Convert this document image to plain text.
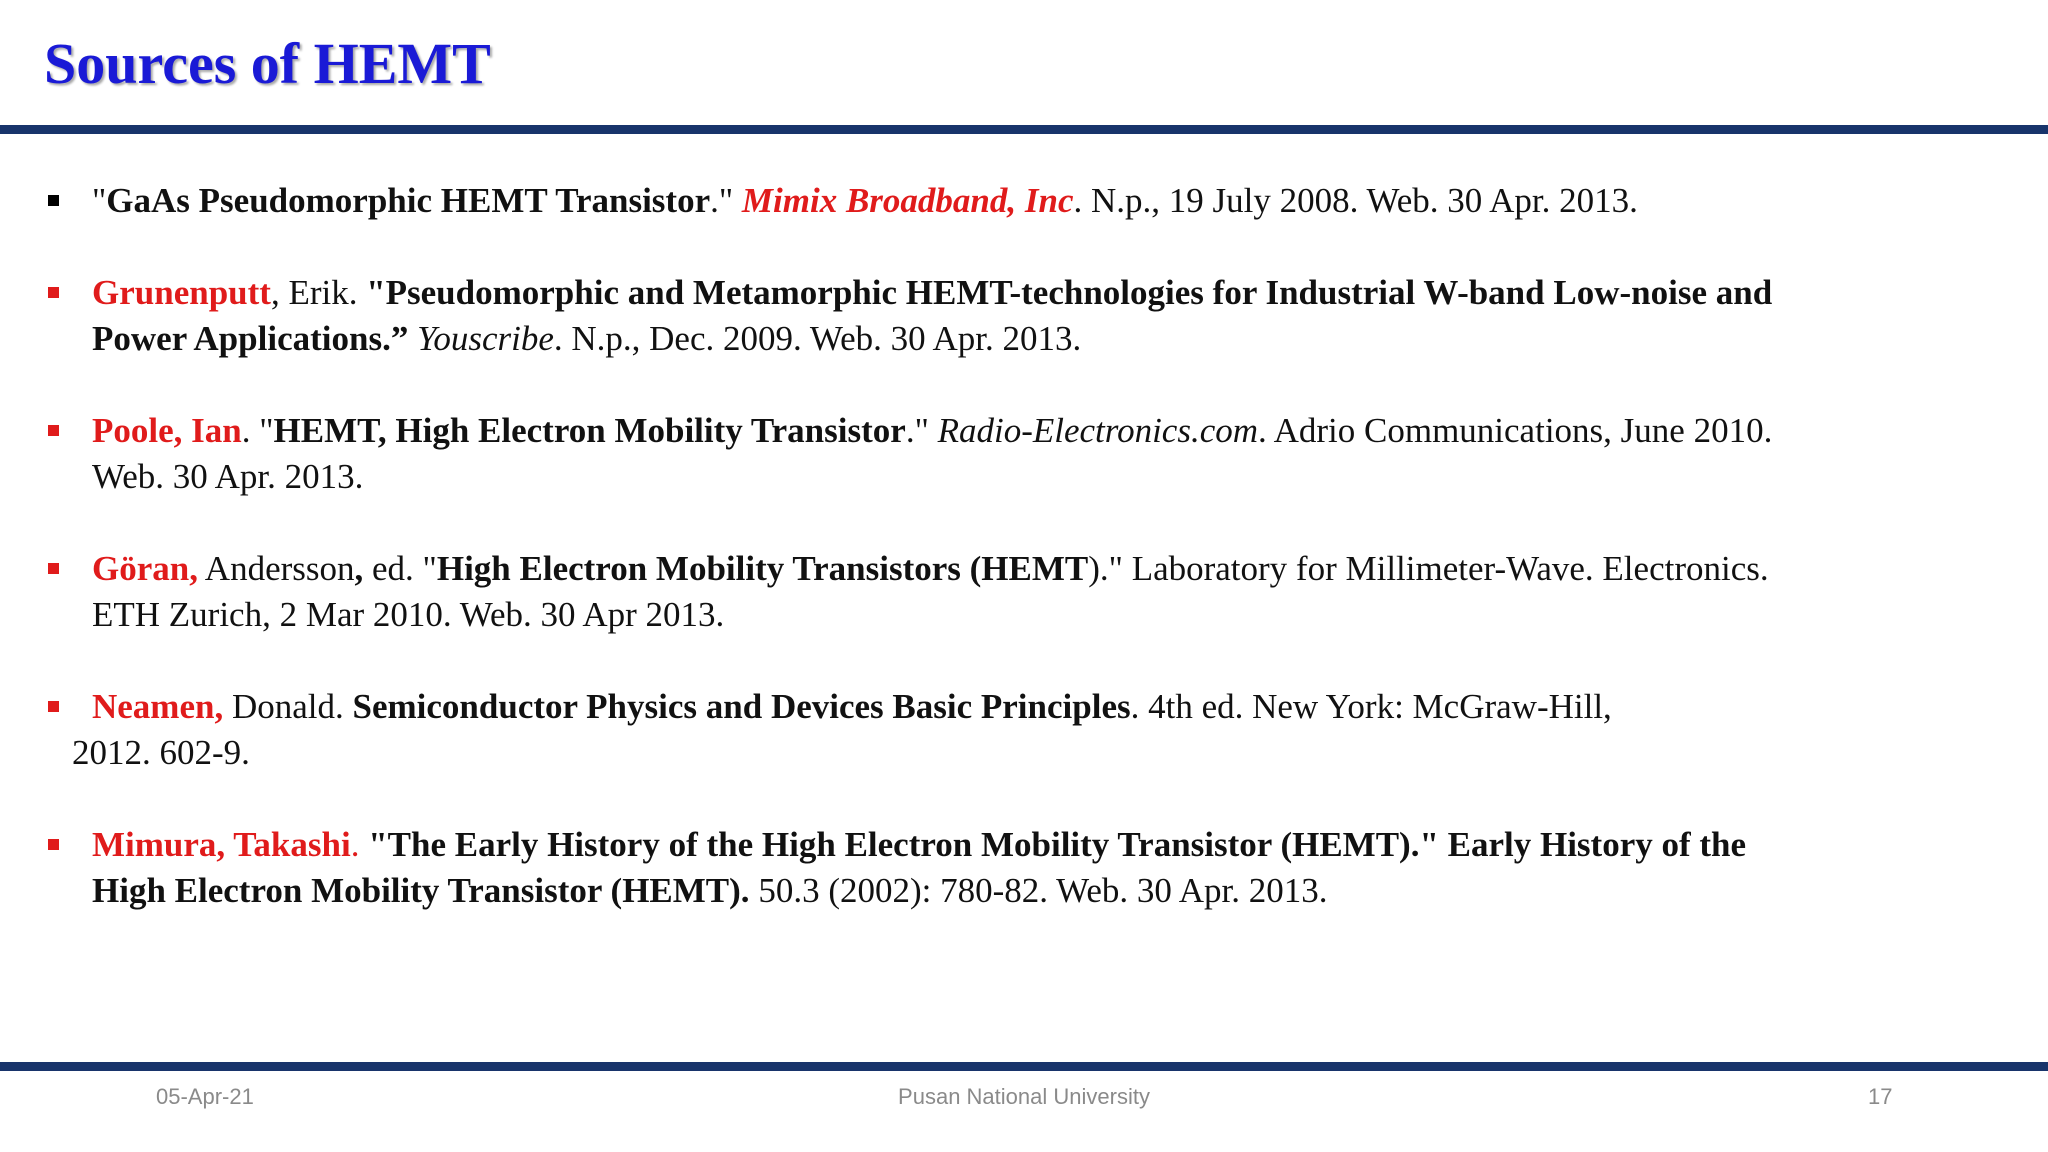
Sources of HEMT
"GaAs Pseudomorphic HEMT Transistor." Mimix Broadband, Inc. N.p., 19 July 2008. Web. 30 Apr. 2013.
Grunenputt, Erik. "Pseudomorphic and Metamorphic HEMT-technologies for Industrial W-band Low-noise and
Power Applications.” Youscribe. N.p., Dec. 2009. Web. 30 Apr. 2013.
Poole, Ian. "HEMT, High Electron Mobility Transistor." Radio-Electronics.com. Adrio Communications, June 2010.
Web. 30 Apr. 2013.
Göran, Andersson, ed. "High Electron Mobility Transistors (HEMT)." Laboratory for Millimeter-Wave. Electronics.
ETH Zurich, 2 Mar 2010. Web. 30 Apr 2013.
Neamen, Donald. Semiconductor Physics and Devices Basic Principles. 4th ed. New York: McGraw-Hill,
2012. 602-9.
Mimura, Takashi. "The Early History of the High Electron Mobility Transistor (HEMT)." Early History of the
High Electron Mobility Transistor (HEMT). 50.3 (2002): 780-82. Web. 30 Apr. 2013.
05-Apr-21	Pusan National University	17
